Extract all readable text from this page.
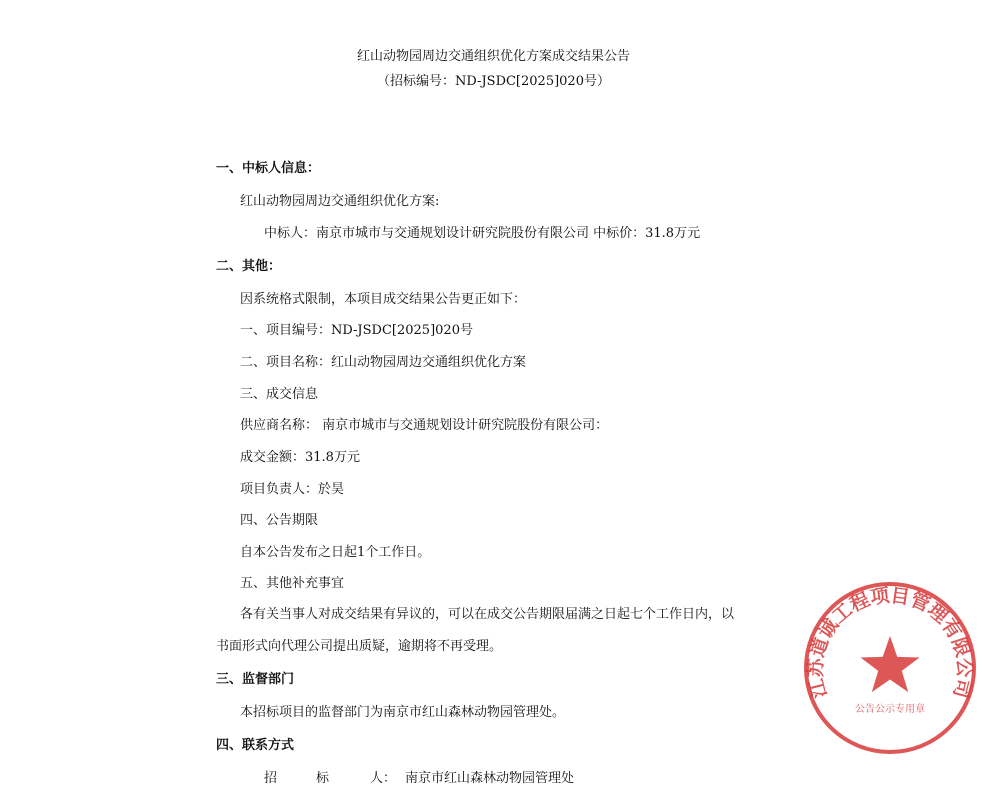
红山动物园周边交通组织优化方案成交结果公告
（招标编号：ND-JSDC[2025]020号）
一、中标人信息：
红山动物园周边交通组织优化方案:
中标人：南京市城市与交通规划设计研究院股份有限公司 中标价：31.8万元
二、其他：
因系统格式限制，本项目成交结果公告更正如下：
一、项目编号：ND-JSDC[2025]020号
二、项目名称：红山动物园周边交通组织优化方案
三、成交信息
供应商名称： 南京市城市与交通规划设计研究院股份有限公司：
成交金额：31.8万元
项目负责人：於昊
四、公告期限
自本公告发布之日起1个工作日。
五、其他补充事宜
各有关当事人对成交结果有异议的，可以在成交公告期限届满之日起七个工作日内，以
书面形式向代理公司提出质疑，逾期将不再受理。
三、监督部门
本招标项目的监督部门为南京市红山森林动物园管理处。
四、联系方式
招	标	人： 南京市红山森林动物园管理处
江苏道诚工程项目管理有限公司
公告公示专用章
